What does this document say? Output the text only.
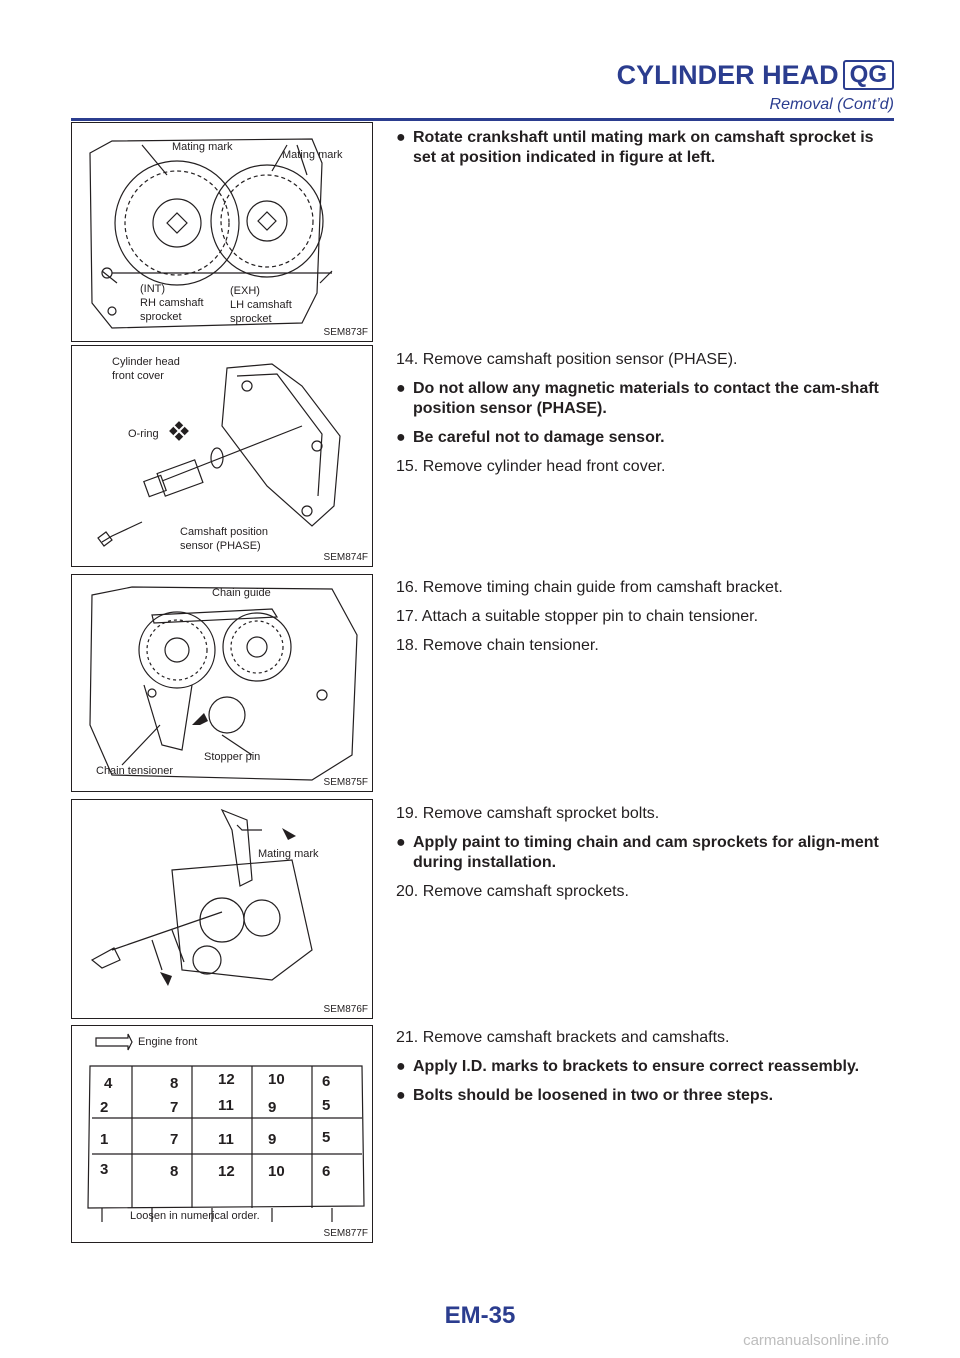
CYLINDER HEAD QG
Removal (Cont’d)
Mating mark
Mating mark
(INT)
RH camshaft
sprocket
(EXH)
LH camshaft
sprocket
SEM873F
Cylinder head
front cover
O-ring
Camshaft position
sensor (PHASE)
SEM874F
Chain guide
Stopper pin
Chain tensioner
SEM875F
Mating mark
SEM876F
4	8	12 10 6
2	7	11 9	5
1	7	11 9	5
3	8	12 10 6
Engine front
Loosen in numerical order.
SEM877F
● Rotate crankshaft until mating mark on camshaft sprocket is set at position indicated in figure at left.
14. Remove camshaft position sensor (PHASE).
● Do not allow any magnetic materials to contact the cam-shaft position sensor (PHASE).
● Be careful not to damage sensor.
15. Remove cylinder head front cover.
16. Remove timing chain guide from camshaft bracket.
17. Attach a suitable stopper pin to chain tensioner.
18. Remove chain tensioner.
19. Remove camshaft sprocket bolts.
● Apply paint to timing chain and cam sprockets for align-ment during installation.
20. Remove camshaft sprockets.
21. Remove camshaft brackets and camshafts.
● Apply I.D. marks to brackets to ensure correct reassembly.
● Bolts should be loosened in two or three steps.
EM-35
carmanualsonline.info
